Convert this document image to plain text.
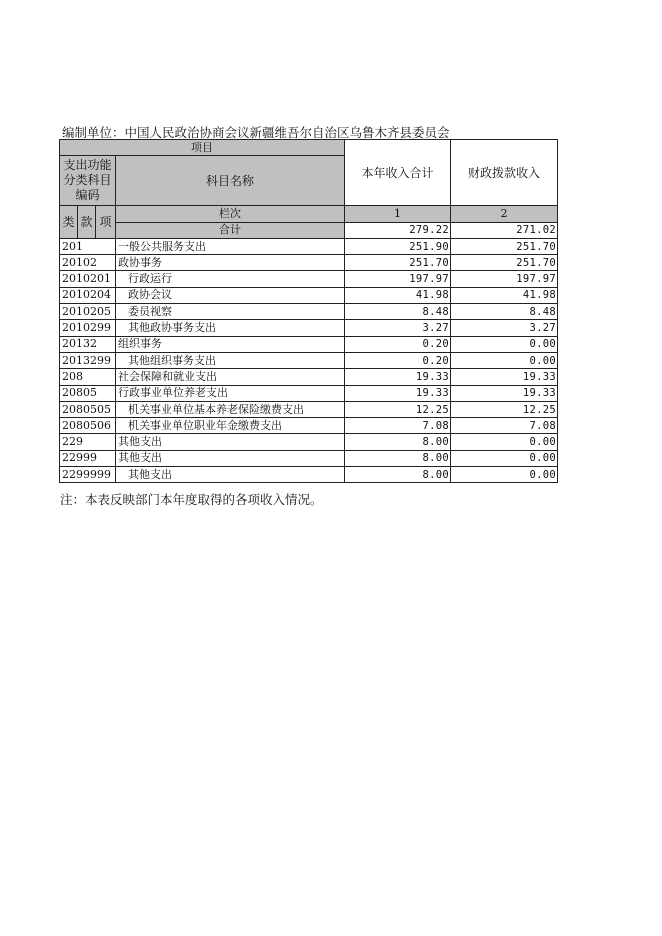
编制单位：中国人民政治协商会议新疆维吾尔自治区乌鲁木齐县委员会
项目				本年收入合计	财政拨款收入
支出功能分类科目编码			科目名称		

类	款	项	栏次	1	2
			合计	279.22	271.02
201			一般公共服务支出	251.90	251.70
20102			政协事务	251.70	251.70
2010201			行政运行	197.97	197.97
2010204			政协会议	41.98	41.98
2010205			委员视察	8.48	8.48
2010299			其他政协事务支出	3.27	3.27
20132			组织事务	0.20	0.00
2013299			其他组织事务支出	0.20	0.00
208			社会保障和就业支出	19.33	19.33
20805			行政事业单位养老支出	19.33	19.33
2080505			机关事业单位基本养老保险缴费支出	12.25	12.25
2080506			机关事业单位职业年金缴费支出	7.08	7.08
229			其他支出	8.00	0.00
22999			其他支出	8.00	0.00
2299999			其他支出	8.00	0.00
注：本表反映部门本年度取得的各项收入情况。
